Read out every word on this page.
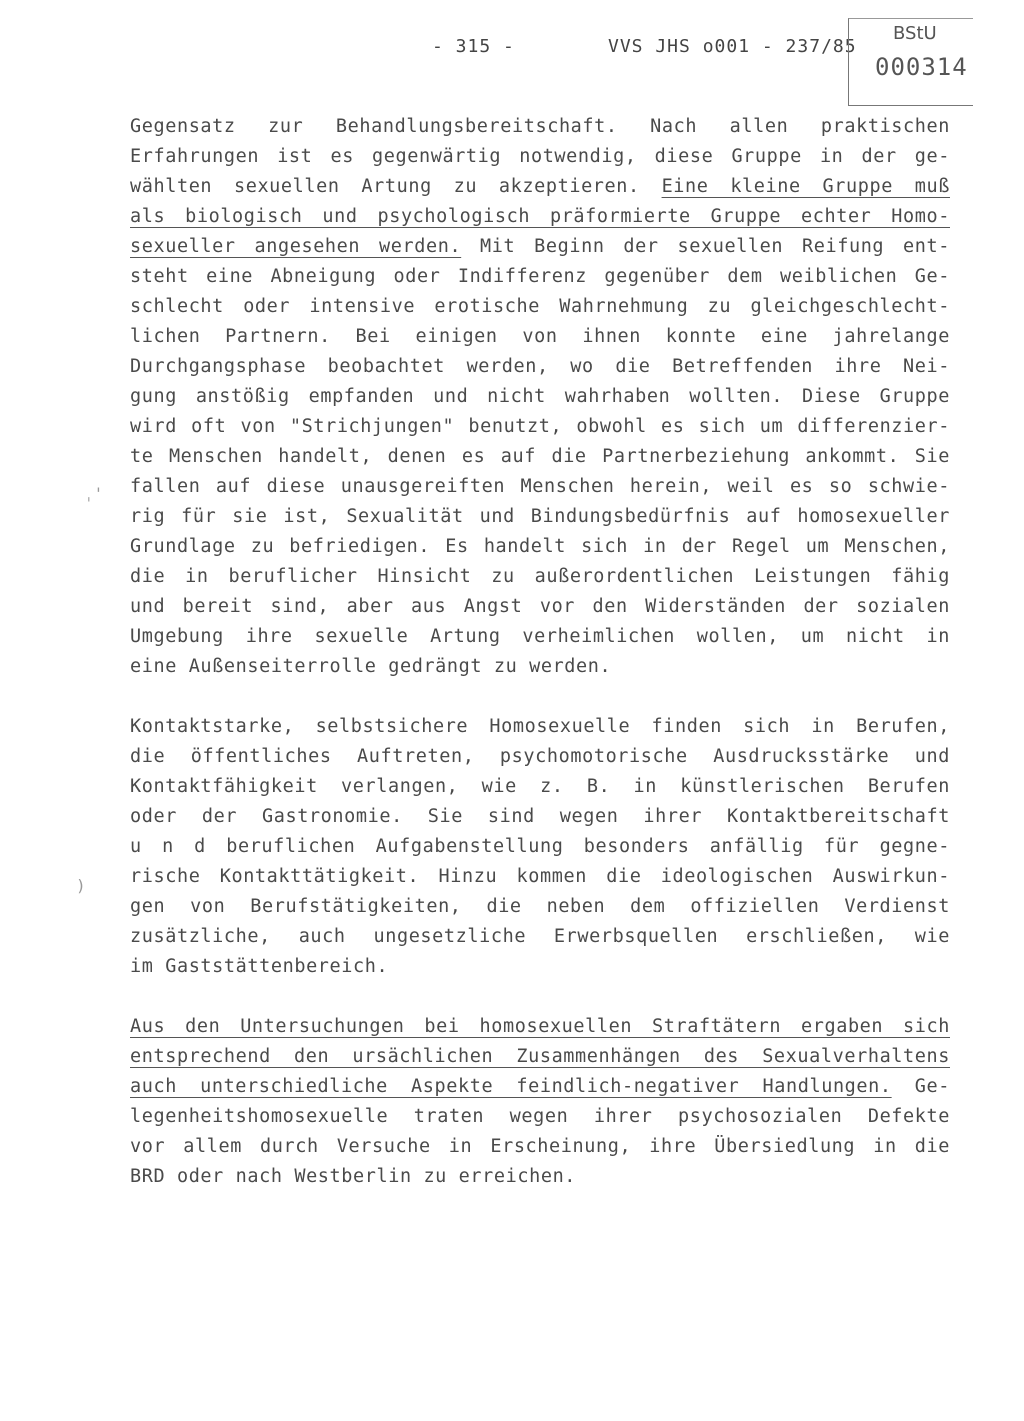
- 315 -	VVS JHS o001 - 237/85
BStU
000314
ˌ'
)
Gegensatz zur Behandlungsbereitschaft. Nach allen praktischen
Erfahrungen ist es gegenwärtig notwendig, diese Gruppe in der ge-
wählten sexuellen Artung zu akzeptieren. Eine kleine Gruppe muß
als biologisch und psychologisch präformierte Gruppe echter Homo-
sexueller angesehen werden. Mit Beginn der sexuellen Reifung ent-
steht eine Abneigung oder Indifferenz gegenüber dem weiblichen Ge-
schlecht oder intensive erotische Wahrnehmung zu gleichgeschlecht-
lichen Partnern. Bei einigen von ihnen konnte eine jahrelange
Durchgangsphase beobachtet werden, wo die Betreffenden ihre Nei-
gung anstößig empfanden und nicht wahrhaben wollten. Diese Gruppe
wird oft von "Strichjungen" benutzt, obwohl es sich um differenzier-
te Menschen handelt, denen es auf die Partnerbeziehung ankommt. Sie
fallen auf diese unausgereiften Menschen herein, weil es so schwie-
rig für sie ist, Sexualität und Bindungsbedürfnis auf homosexueller
Grundlage zu befriedigen. Es handelt sich in der Regel um Menschen,
die in beruflicher Hinsicht zu außerordentlichen Leistungen fähig
und bereit sind, aber aus Angst vor den Widerständen der sozialen
Umgebung ihre sexuelle Artung verheimlichen wollen, um nicht in
eine Außenseiterrolle gedrängt zu werden.
Kontaktstarke, selbstsichere Homosexuelle finden sich in Berufen,
die öffentliches Auftreten, psychomotorische Ausdrucksstärke und
Kontaktfähigkeit verlangen, wie z. B. in künstlerischen Berufen
oder der Gastronomie. Sie sind wegen ihrer Kontaktbereitschaft
u n d beruflichen Aufgabenstellung besonders anfällig für gegne-
rische Kontakttätigkeit. Hinzu kommen die ideologischen Auswirkun-
gen von Berufstätigkeiten, die neben dem offiziellen Verdienst
zusätzliche, auch ungesetzliche Erwerbsquellen erschließen, wie
im Gaststättenbereich.
Aus den Untersuchungen bei homosexuellen Straftätern ergaben sich
entsprechend den ursächlichen Zusammenhängen des Sexualverhaltens
auch unterschiedliche Aspekte feindlich-negativer Handlungen. Ge-
legenheitshomosexuelle traten wegen ihrer psychosozialen Defekte
vor allem durch Versuche in Erscheinung, ihre Übersiedlung in die
BRD oder nach Westberlin zu erreichen.
